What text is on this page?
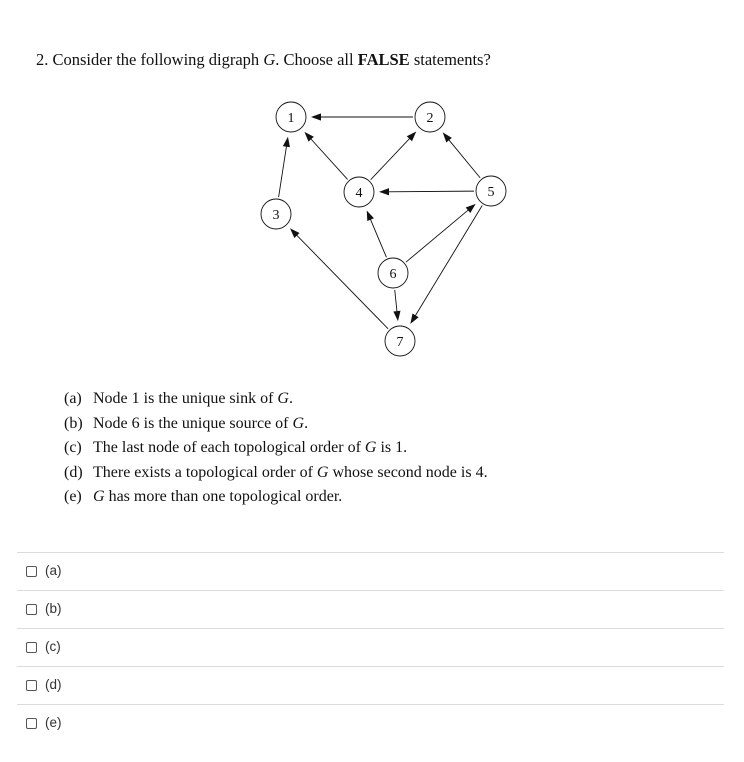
2. Consider the following digraph G. Choose all FALSE statements?
1	2
3
4	5
6
7
(a) Node 1 is the unique sink of G.
(b) Node 6 is the unique source of G.
(c) The last node of each topological order of G is 1.
(d) There exists a topological order of G whose second node is 4.
(e) G has more than one topological order.
(a)
(b)
(c)
(d)
(e)
